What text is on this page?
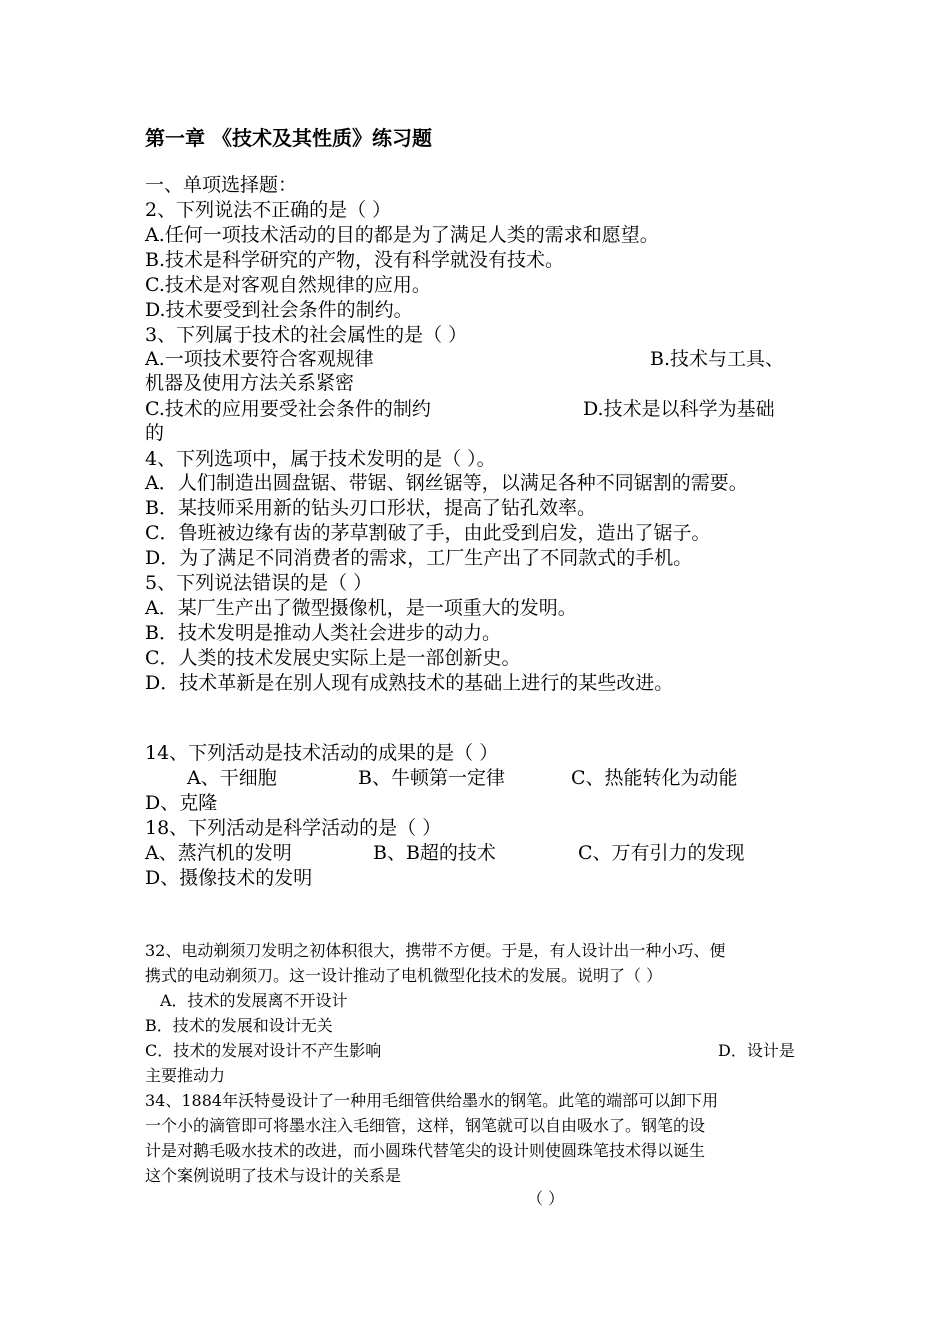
第一章 《技术及其性质》练习题
一、单项选择题：
2、下列说法不正确的是（ ）
A.任何一项技术活动的目的都是为了满足人类的需求和愿望。
B.技术是科学研究的产物，没有科学就没有技术。
C.技术是对客观自然规律的应用。
D.技术要受到社会条件的制约。
3、下列属于技术的社会属性的是（ ）
A.一项技术要符合客观规律	B.技术与工具、
机器及使用方法关系紧密
C.技术的应用要受社会条件的制约	D.技术是以科学为基础
的
4、下列选项中，属于技术发明的是（ ）。
A．人们制造出圆盘锯、带锯、钢丝锯等，以满足各种不同锯割的需要。
B．某技师采用新的钻头刃口形状，提高了钻孔效率。
C．鲁班被边缘有齿的茅草割破了手，由此受到启发，造出了锯子。
D．为了满足不同消费者的需求，工厂生产出了不同款式的手机。
5、下列说法错误的是（ ）
A．某厂生产出了微型摄像机，是一项重大的发明。
B．技术发明是推动人类社会进步的动力。
C．人类的技术发展史实际上是一部创新史。
D．技术革新是在别人现有成熟技术的基础上进行的某些改进。
14、下列活动是技术活动的成果的是（ ）
A、干细胞	B、牛顿第一定律	C、热能转化为动能
D、克隆
18、下列活动是科学活动的是（ ）
A、蒸汽机的发明	B、B超的技术	C、万有引力的发现
D、摄像技术的发明
32、电动剃须刀发明之初体积很大，携带不方便。于是，有人设计出一种小巧、便
携式的电动剃须刀。这一设计推动了电机微型化技术的发展。说明了（ ）
A．技术的发展离不开设计
B．技术的发展和设计无关
C．技术的发展对设计不产生影响	D．设计是
主要推动力
34、1884年沃特曼设计了一种用毛细管供给墨水的钢笔。此笔的端部可以卸下用
一个小的滴管即可将墨水注入毛细管，这样，钢笔就可以自由吸水了。钢笔的设
计是对鹅毛吸水技术的改进，而小圆珠代替笔尖的设计则使圆珠笔技术得以诞生
这个案例说明了技术与设计的关系是
（ ）
